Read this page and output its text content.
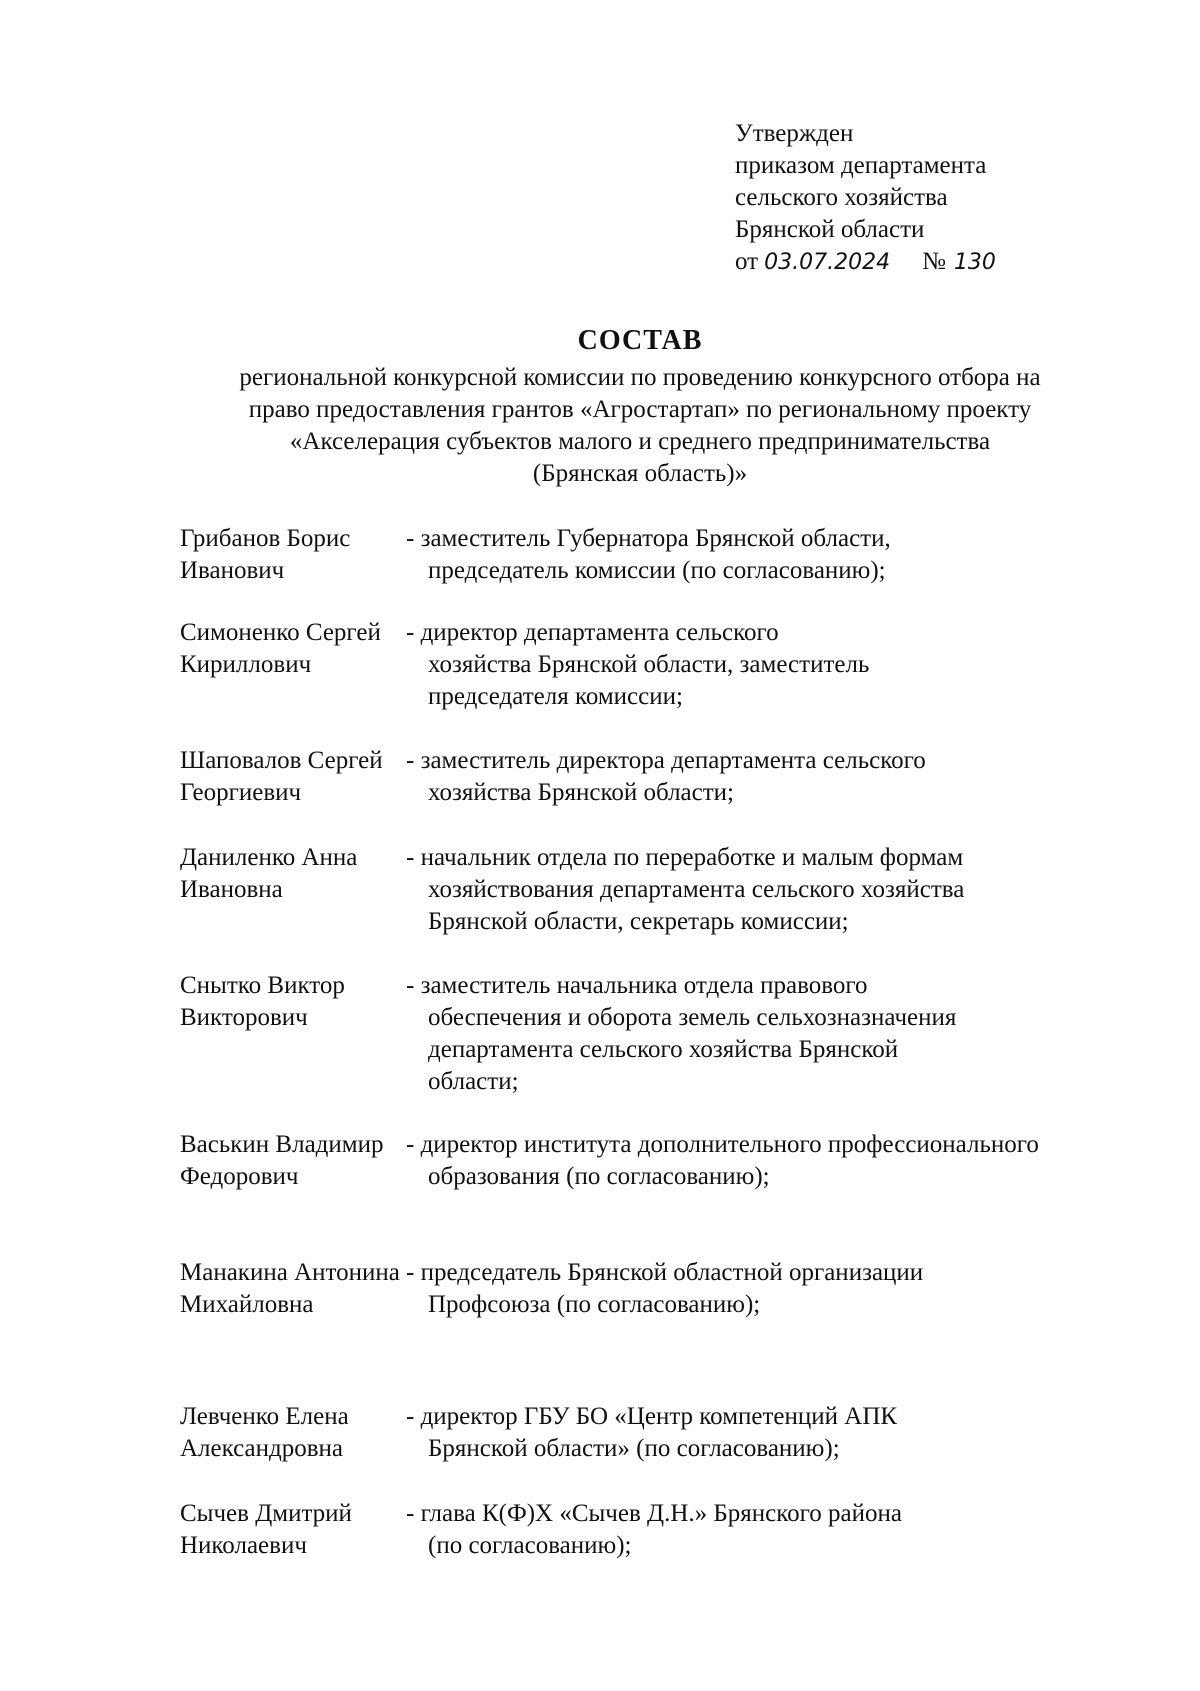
Утвержден
приказом департамента
сельского хозяйства
Брянской области
от 03.07.2024 № 130
СОСТАВ
региональной конкурсной комиссии по проведению конкурсного отбора на
право предоставления грантов «Агростартап» по региональному проекту
«Акселерация субъектов малого и среднего предпринимательства
(Брянская область)»
Грибанов Борис
Иванович
- заместитель Губернатора Брянской области,
председатель комиссии (по согласованию);
Симоненко Сергей
Кириллович
- директор департамента сельского
хозяйства Брянской области, заместитель
председателя комиссии;
Шаповалов Сергей
Георгиевич
- заместитель директора департамента сельского
хозяйства Брянской области;
Даниленко Анна
Ивановна
- начальник отдела по переработке и малым формам
хозяйствования департамента сельского хозяйства
Брянской области, секретарь комиссии;
Снытко Виктор
Викторович
- заместитель начальника отдела правового
обеспечения и оборота земель сельхозназначения
департамента сельского хозяйства Брянской
области;
Васькин Владимир
Федорович
- директор института дополнительного профессионального
образования (по согласованию);
Манакина Антонина
Михайловна
- председатель Брянской областной организации
Профсоюза (по согласованию);
Левченко Елена
Александровна
- директор ГБУ БО «Центр компетенций АПК
Брянской области» (по согласованию);
Сычев Дмитрий
Николаевич
- глава К(Ф)Х «Сычев Д.Н.» Брянского района
(по согласованию);
